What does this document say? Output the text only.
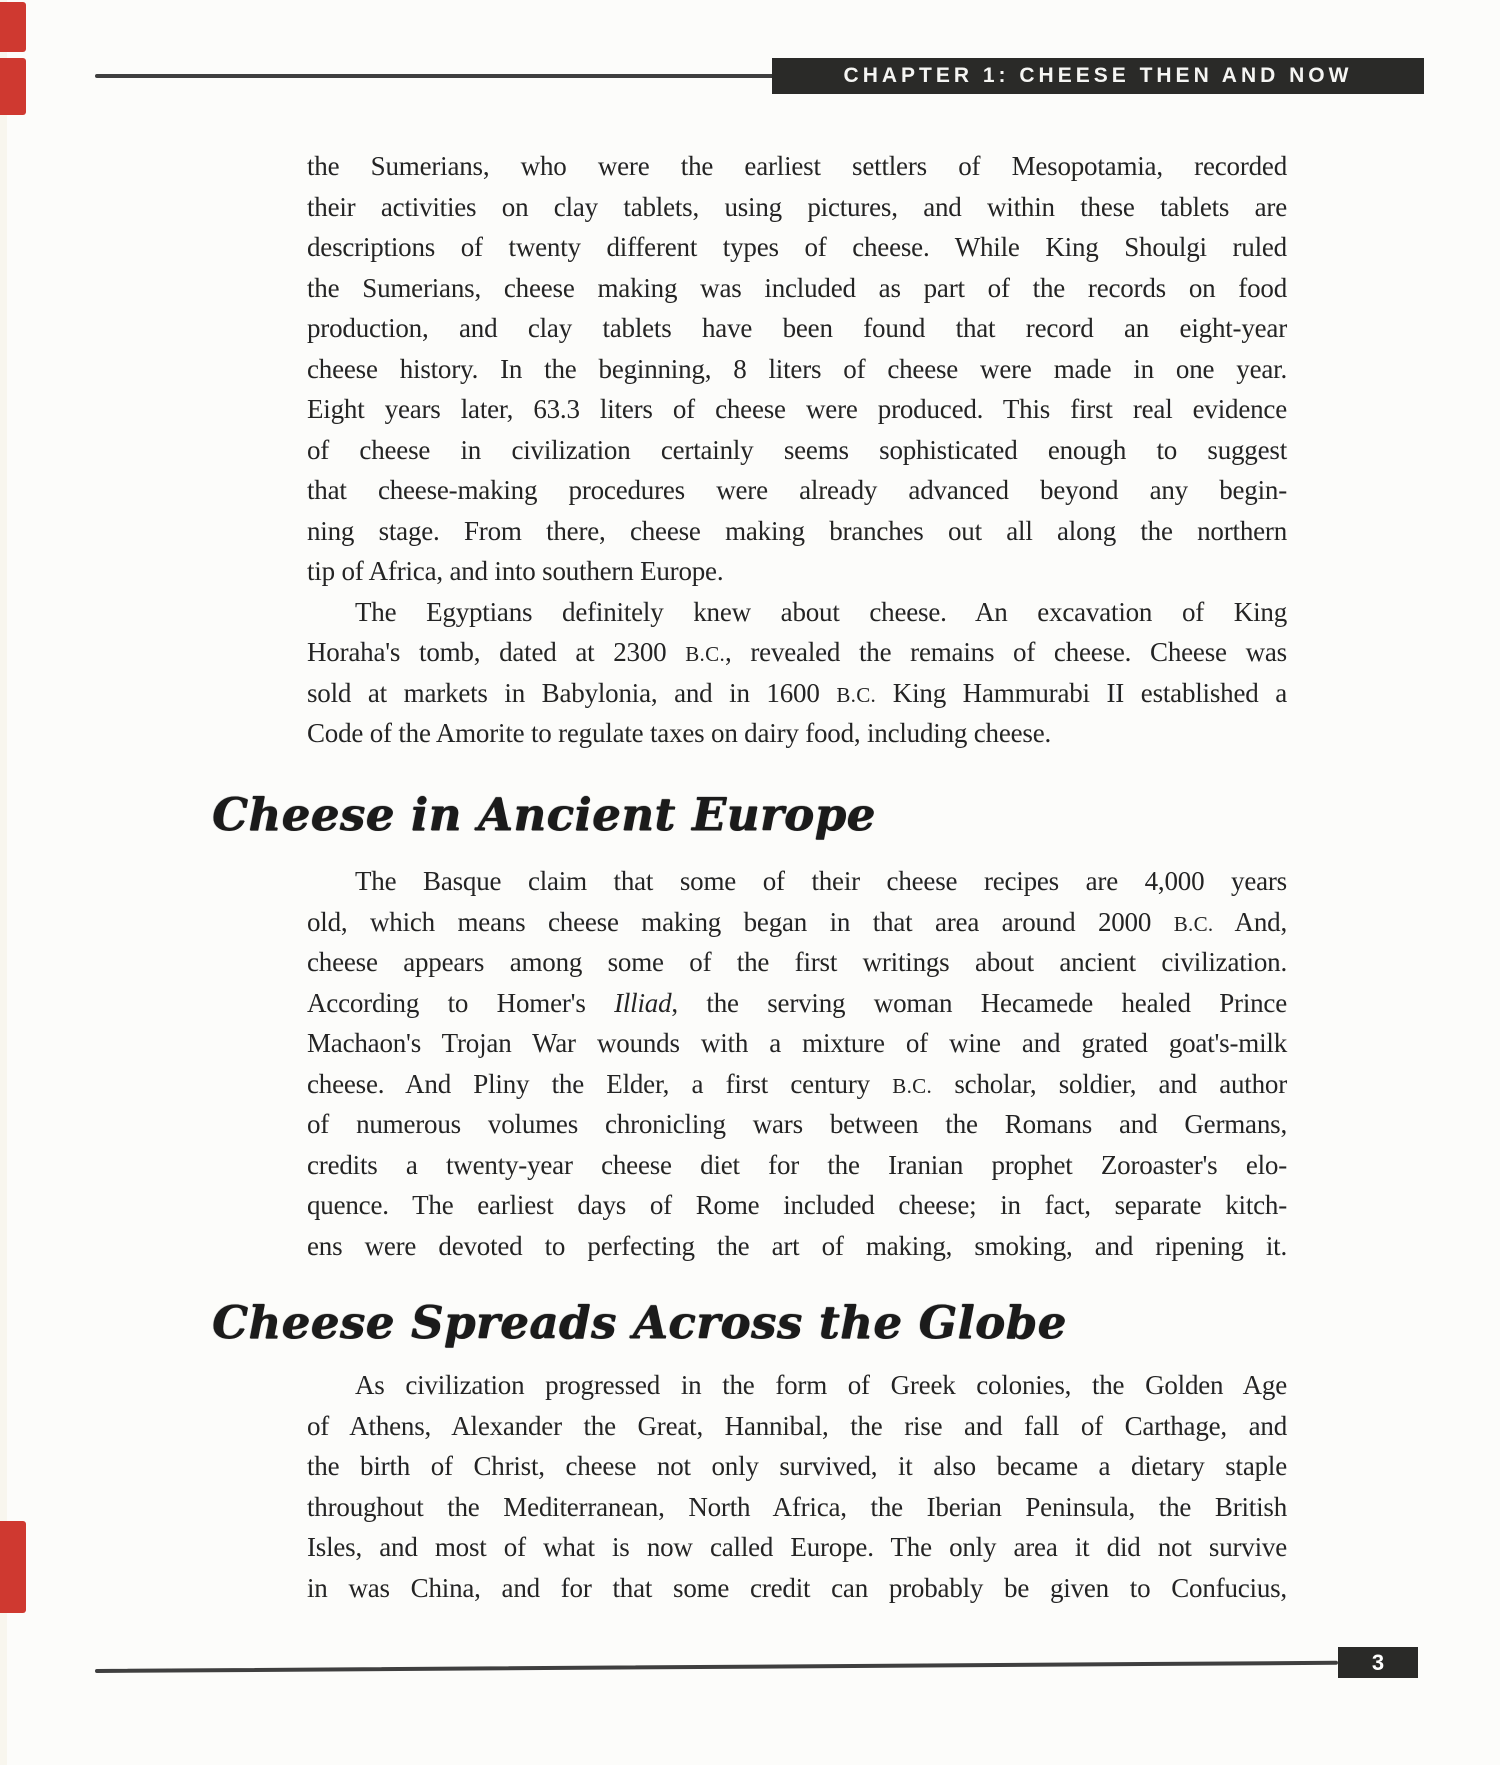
CHAPTER 1: CHEESE THEN AND NOW
the Sumerians, who were the earliest settlers of Mesopotamia, recorded
their activities on clay tablets, using pictures, and within these tablets are
descriptions of twenty different types of cheese. While King Shoulgi ruled
the Sumerians, cheese making was included as part of the records on food
production, and clay tablets have been found that record an eight-year
cheese history. In the beginning, 8 liters of cheese were made in one year.
Eight years later, 63.3 liters of cheese were produced. This first real evidence
of cheese in civilization certainly seems sophisticated enough to suggest
that cheese-making procedures were already advanced beyond any begin-
ning stage. From there, cheese making branches out all along the northern
tip of Africa, and into southern Europe.
The Egyptians definitely knew about cheese. An excavation of King
Horaha's tomb, dated at 2300 B.C., revealed the remains of cheese. Cheese was
sold at markets in Babylonia, and in 1600 B.C. King Hammurabi II established a
Code of the Amorite to regulate taxes on dairy food, including cheese.
Cheese in Ancient Europe
The Basque claim that some of their cheese recipes are 4,000 years
old, which means cheese making began in that area around 2000 B.C. And,
cheese appears among some of the first writings about ancient civilization.
According to Homer's Illiad, the serving woman Hecamede healed Prince
Machaon's Trojan War wounds with a mixture of wine and grated goat's-milk
cheese. And Pliny the Elder, a first century B.C. scholar, soldier, and author
of numerous volumes chronicling wars between the Romans and Germans,
credits a twenty-year cheese diet for the Iranian prophet Zoroaster's elo-
quence. The earliest days of Rome included cheese; in fact, separate kitch-
ens were devoted to perfecting the art of making, smoking, and ripening it.
Cheese Spreads Across the Globe
As civilization progressed in the form of Greek colonies, the Golden Age
of Athens, Alexander the Great, Hannibal, the rise and fall of Carthage, and
the birth of Christ, cheese not only survived, it also became a dietary staple
throughout the Mediterranean, North Africa, the Iberian Peninsula, the British
Isles, and most of what is now called Europe. The only area it did not survive
in was China, and for that some credit can probably be given to Confucius,
3
